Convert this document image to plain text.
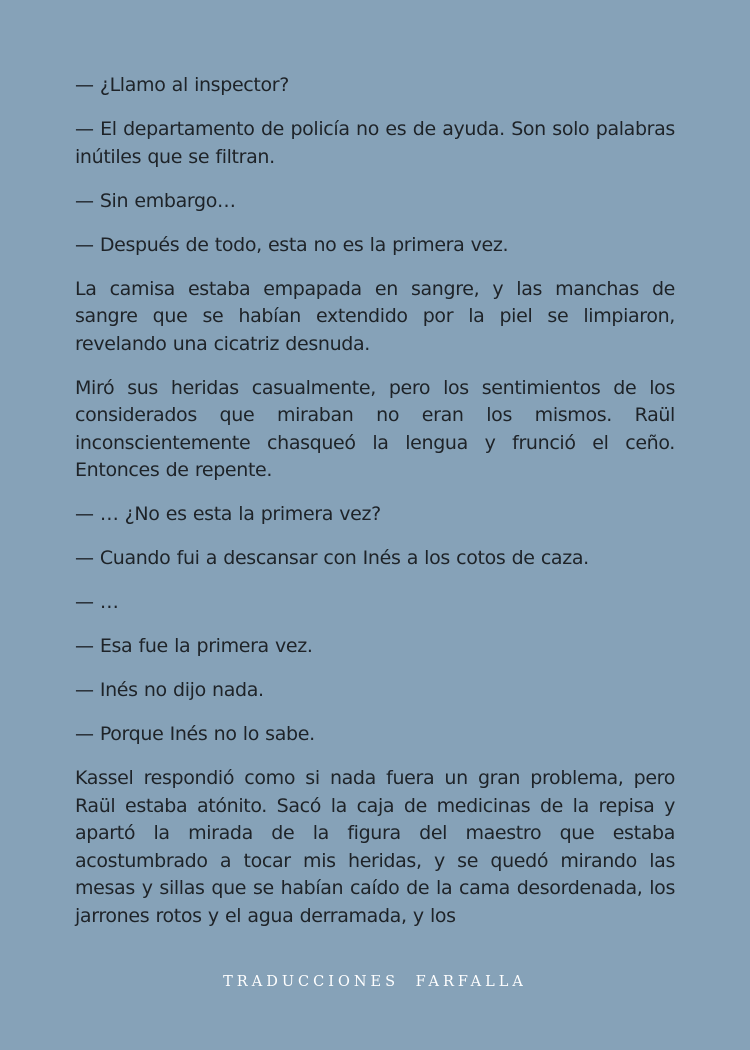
— ¿Llamo al inspector?

— El departamento de policía no es de ayuda. Son solo palabras inútiles que se filtran.

— Sin embargo…

— Después de todo, esta no es la primera vez.

La camisa estaba empapada en sangre, y las manchas de sangre que se habían extendido por la piel se limpiaron, revelando una cicatriz desnuda.

Miró sus heridas casualmente, pero los sentimientos de los considerados que miraban no eran los mismos. Raül inconscientemente chasqueó la lengua y frunció el ceño. Entonces de repente.

— … ¿No es esta la primera vez?

— Cuando fui a descansar con Inés a los cotos de caza.

— …

— Esa fue la primera vez.

— Inés no dijo nada.

— Porque Inés no lo sabe.

Kassel respondió como si nada fuera un gran problema, pero Raül estaba atónito. Sacó la caja de medicinas de la repisa y apartó la mirada de la figura del maestro que estaba acostumbrado a tocar mis heridas, y se quedó mirando las mesas y sillas que se habían caído de la cama desordenada, los jarrones rotos y el agua derramada, y los

TRADUCCIONES FARFALLA
